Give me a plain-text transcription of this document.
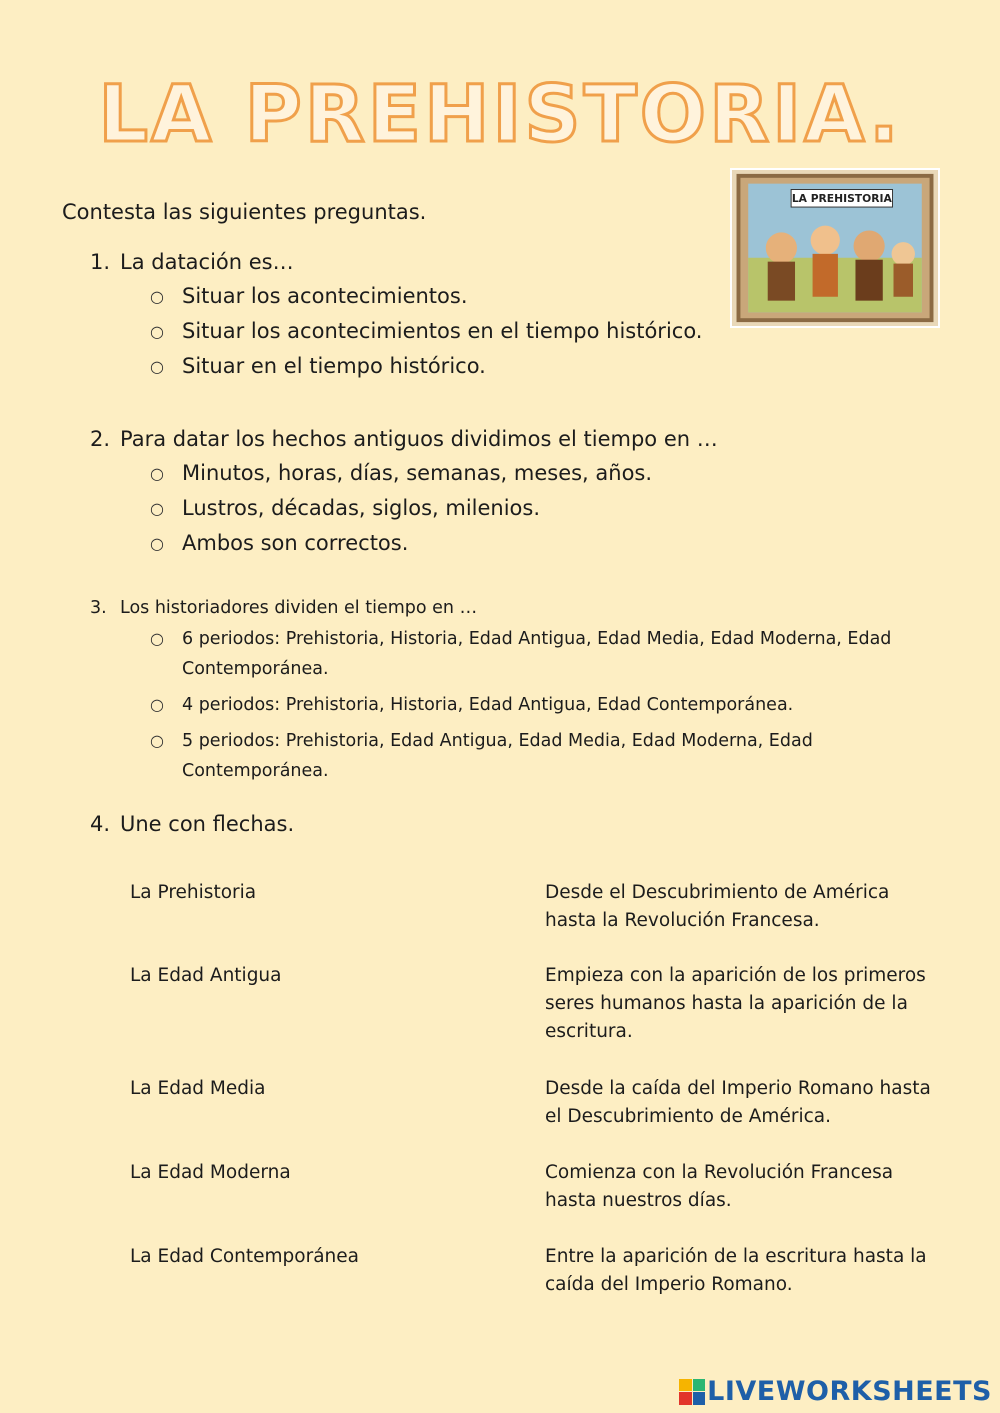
LA PREHISTORIA.
LA PREHISTORIA
Contesta las siguientes preguntas.
1. La datación es…
○ Situar los acontecimientos.
○ Situar los acontecimientos en el tiempo histórico.
○ Situar en el tiempo histórico.
2. Para datar los hechos antiguos dividimos el tiempo en …
○ Minutos, horas, días, semanas, meses, años.
○ Lustros, décadas, siglos, milenios.
○ Ambos son correctos.
3. Los historiadores dividen el tiempo en …
○ 6 periodos: Prehistoria, Historia, Edad Antigua, Edad Media, Edad Moderna, Edad Contemporánea.
○ 4 periodos: Prehistoria, Historia, Edad Antigua, Edad Contemporánea.
○ 5 periodos: Prehistoria, Edad Antigua, Edad Media, Edad Moderna, Edad Contemporánea.
4. Une con flechas.
La Prehistoria
La Edad Antigua
La Edad Media
La Edad Moderna
La Edad Contemporánea
Desde el Descubrimiento de América hasta la Revolución Francesa.
Empieza con la aparición de los primeros seres humanos hasta la aparición de la escritura.
Desde la caída del Imperio Romano hasta el Descubrimiento de América.
Comienza con la Revolución Francesa hasta nuestros días.
Entre la aparición de la escritura hasta la caída del Imperio Romano.
LIVEWORKSHEETS
